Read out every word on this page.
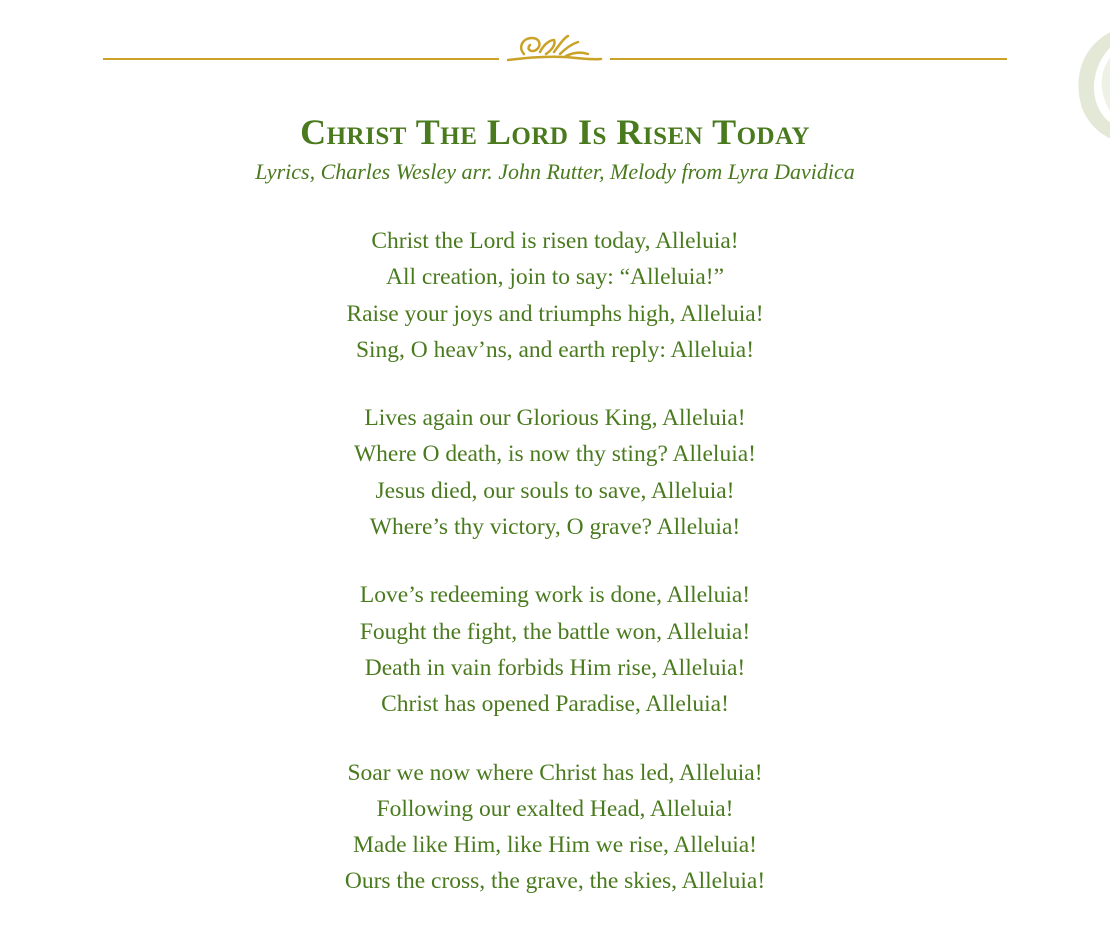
Christ The Lord Is Risen Today
Lyrics, Charles Wesley arr. John Rutter, Melody from Lyra Davidica
Christ the Lord is risen today, Alleluia!
All creation, join to say: “Alleluia!”
Raise your joys and triumphs high, Alleluia!
Sing, O heav’ns, and earth reply: Alleluia!
Lives again our Glorious King, Alleluia!
Where O death, is now thy sting? Alleluia!
Jesus died, our souls to save, Alleluia!
Where’s thy victory, O grave? Alleluia!
Love’s redeeming work is done, Alleluia!
Fought the fight, the battle won, Alleluia!
Death in vain forbids Him rise, Alleluia!
Christ has opened Paradise, Alleluia!
Soar we now where Christ has led, Alleluia!
Following our exalted Head, Alleluia!
Made like Him, like Him we rise, Alleluia!
Ours the cross, the grave, the skies, Alleluia!
